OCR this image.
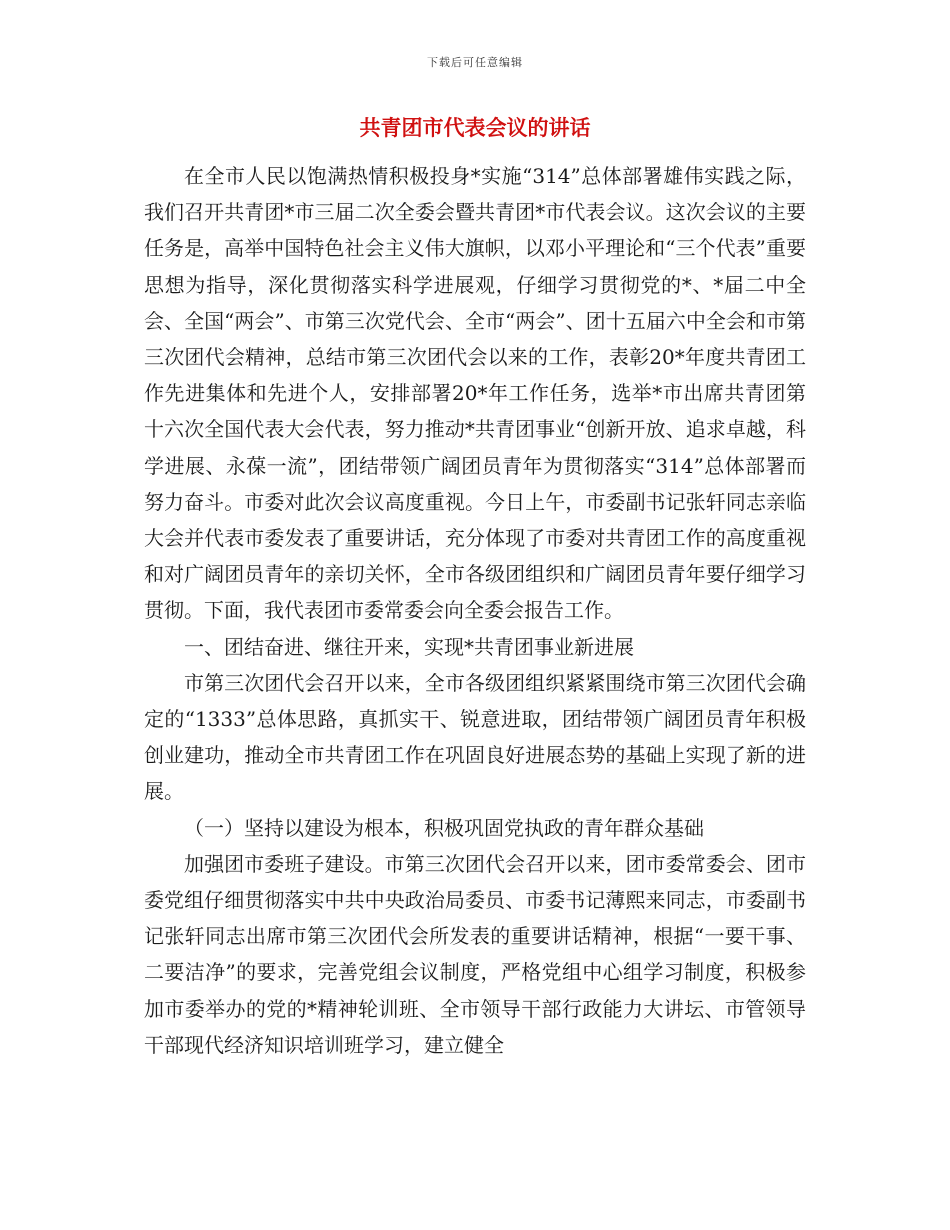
下载后可任意编辑
共青团市代表会议的讲话

在全市人民以饱满热情积极投身*实施“314”总体部署雄伟实践之际，我们召开共青团*市三届二次全委会暨共青团*市代表会议。这次会议的主要任务是，高举中国特色社会主义伟大旗帜，以邓小平理论和“三个代表”重要思想为指导，深化贯彻落实科学进展观，仔细学习贯彻党的*、*届二中全会、全国“两会”、市第三次党代会、全市“两会”、团十五届六中全会和市第三次团代会精神，总结市第三次团代会以来的工作，表彰20*年度共青团工作先进集体和先进个人，安排部署20*年工作任务，选举*市出席共青团第十六次全国代表大会代表，努力推动*共青团事业“创新开放、追求卓越，科学进展、永葆一流”，团结带领广阔团员青年为贯彻落实“314”总体部署而努力奋斗。市委对此次会议高度重视。今日上午，市委副书记张轩同志亲临大会并代表市委发表了重要讲话，充分体现了市委对共青团工作的高度重视和对广阔团员青年的亲切关怀，全市各级团组织和广阔团员青年要仔细学习贯彻。下面，我代表团市委常委会向全委会报告工作。

一、团结奋进、继往开来，实现*共青团事业新进展

市第三次团代会召开以来，全市各级团组织紧紧围绕市第三次团代会确定的“1333”总体思路，真抓实干、锐意进取，团结带领广阔团员青年积极创业建功，推动全市共青团工作在巩固良好进展态势的基础上实现了新的进展。

（一）坚持以建设为根本，积极巩固党执政的青年群众基础

加强团市委班子建设。市第三次团代会召开以来，团市委常委会、团市委党组仔细贯彻落实中共中央政治局委员、市委书记薄熙来同志，市委副书记张轩同志出席市第三次团代会所发表的重要讲话精神，根据“一要干事、二要洁净”的要求，完善党组会议制度，严格党组中心组学习制度，积极参加市委举办的党的*精神轮训班、全市领导干部行政能力大讲坛、市管领导干部现代经济知识培训班学习，建立健全
